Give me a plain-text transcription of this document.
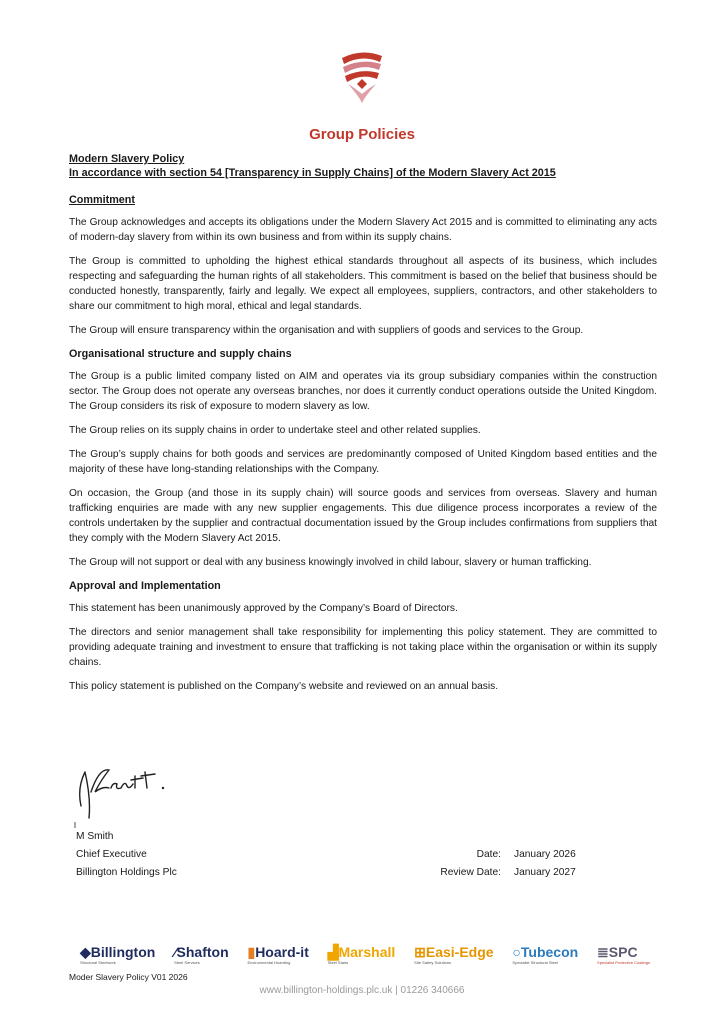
Group Policies
Modern Slavery Policy
In accordance with section 54 [Transparency in Supply Chains] of the Modern Slavery Act 2015
Commitment

The Group acknowledges and accepts its obligations under the Modern Slavery Act 2015 and is committed to eliminating any acts of modern-day slavery from within its own business and from within its supply chains.

The Group is committed to upholding the highest ethical standards throughout all aspects of its business, which includes respecting and safeguarding the human rights of all stakeholders. This commitment is based on the belief that business should be conducted honestly, transparently, fairly and legally. We expect all employees, suppliers, contractors, and other stakeholders to share our commitment to high moral, ethical and legal standards.

The Group will ensure transparency within the organisation and with suppliers of goods and services to the Group.

Organisational structure and supply chains

The Group is a public limited company listed on AIM and operates via its group subsidiary companies within the construction sector. The Group does not operate any overseas branches, nor does it currently conduct operations outside the United Kingdom. The Group considers its risk of exposure to modern slavery as low.

The Group relies on its supply chains in order to undertake steel and other related supplies.

The Group’s supply chains for both goods and services are predominantly composed of United Kingdom based entities and the majority of these have long-standing relationships with the Company.

On occasion, the Group (and those in its supply chain) will source goods and services from overseas. Slavery and human trafficking enquiries are made with any new supplier engagements. This due diligence process incorporates a review of the controls undertaken by the supplier and contractual documentation issued by the Group includes confirmations from suppliers that they comply with the Modern Slavery Act 2015.

The Group will not support or deal with any business knowingly involved in child labour, slavery or human trafficking.

Approval and Implementation

This statement has been unanimously approved by the Company’s Board of Directors.

The directors and senior management shall take responsibility for implementing this policy statement. They are committed to providing adequate training and investment to ensure that trafficking is not taking place within the organisation or within its supply chains.

This policy statement is published on the Company’s website and reviewed on an annual basis.

M Smith
Chief Executive
Billington Holdings Plc
Date:	January 2026
Review Date:	January 2027
◆Billington
Structural Steelwork
⁄Shafton
Steel Services
▮Hoard-it
Environmental Hoarding
▟Marshall
Steel Stairs
⊞Easi-Edge
Site Safety Solutions
○Tubecon
Specialist Structural Steel
≣SPC
Specialist Protective Coatings
Moder Slavery Policy V01 2026
www.billington-holdings.plc.uk | 01226 340666
